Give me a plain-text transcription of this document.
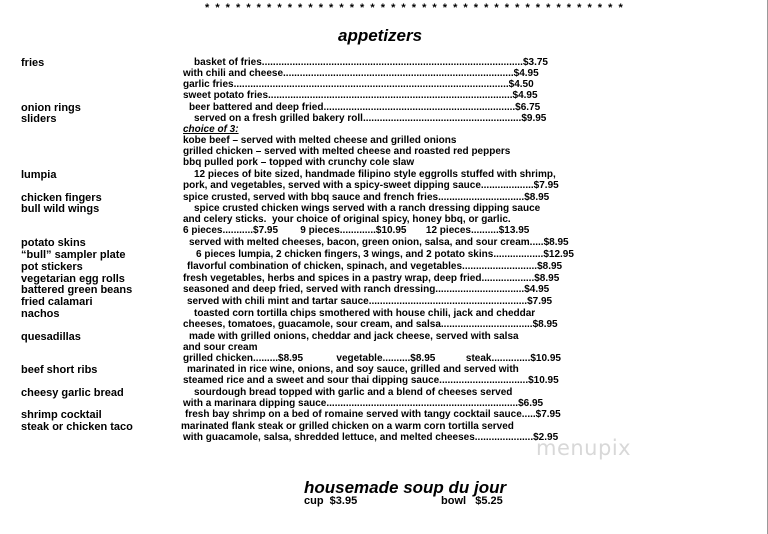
* * * * * * * * * * * * * * * * * * * * * * * * * * * * * * * * * * * * * * * * *
appetizers
fries	basket of fries..............................................................................................$3.75
with chili and cheese...................................................................................$4.95
garlic fries...................................................................................................$4.50
sweet potato fries........................................................................................$4.95
onion rings	beer battered and deep fried.....................................................................$6.75
sliders	served on a fresh grilled bakery roll.........................................................$9.95
choice of 3:
kobe beef – served with melted cheese and grilled onions
grilled chicken – served with melted cheese and roasted red peppers
bbq pulled pork – topped with crunchy cole slaw
lumpia	12 pieces of bite sized, handmade filipino style eggrolls stuffed with shrimp,
pork, and vegetables, served with a spicy-sweet dipping sauce...................$7.95
chicken fingers	spice crusted, served with bbq sauce and french fries...............................$8.95
bull wild wings	spice crusted chicken wings served with a ranch dressing dipping sauce
and celery sticks.  your choice of original spicy, honey bbq, or garlic.
6 pieces...........$7.95        9 pieces.............$10.95       12 pieces..........$13.95
potato skins	served with melted cheeses, bacon, green onion, salsa, and sour cream.....$8.95
“bull” sampler plate	6 pieces lumpia, 2 chicken fingers, 3 wings, and 2 potato skins..................$12.95
pot stickers	flavorful combination of chicken, spinach, and vegetables...........................$8.95
vegetarian egg rolls	fresh vegetables, herbs and spices in a pastry wrap, deep fried...................$8.95
battered green beans	seasoned and deep fried, served with ranch dressing................................$4.95
fried calamari	served with chili mint and tartar sauce.........................................................$7.95
nachos	toasted corn tortilla chips smothered with house chili, jack and cheddar
cheeses, tomatoes, guacamole, sour cream, and salsa.................................$8.95
quesadillas	made with grilled onions, cheddar and jack cheese, served with salsa
and sour cream
grilled chicken.........$8.95            vegetable..........$8.95           steak..............$10.95
beef short ribs	marinated in rice wine, onions, and soy sauce, grilled and served with
steamed rice and a sweet and sour thai dipping sauce................................$10.95
cheesy garlic bread	sourdough bread topped with garlic and a blend of cheeses served
with a marinara dipping sauce.....................................................................$6.95
shrimp cocktail	fresh bay shrimp on a bed of romaine served with tangy cocktail sauce.....$7.95
steak or chicken taco	marinated flank steak or grilled chicken on a warm corn tortilla served
with guacamole, salsa, shredded lettuce, and melted cheeses.....................$2.95
menupix
housemade soup du jour
cup  $3.95	bowl   $5.25
